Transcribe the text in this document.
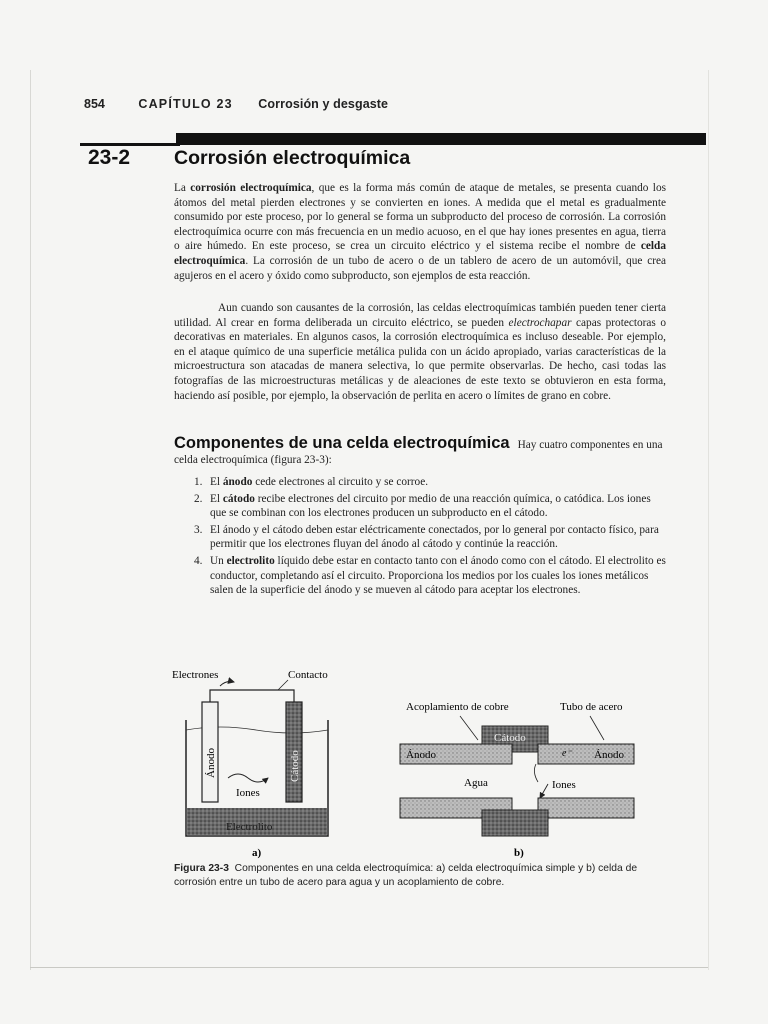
854	CAPÍTULO 23 Corrosión y desgaste
23-2 Corrosión electroquímica

La corrosión electroquímica, que es la forma más común de ataque de metales, se presenta cuando los átomos del metal pierden electrones y se convierten en iones. A medida que el metal es gradualmente consumido por este proceso, por lo general se forma un subproducto del proceso de corrosión. La corrosión electroquímica ocurre con más frecuencia en un medio acuoso, en el que hay iones presentes en agua, tierra o aire húmedo. En este proceso, se crea un circuito eléctrico y el sistema recibe el nombre de celda electroquímica. La corrosión de un tubo de acero o de un tablero de acero de un automóvil, que crea agujeros en el acero y óxido como subproducto, son ejemplos de esta reacción.

Aun cuando son causantes de la corrosión, las celdas electroquímicas también pueden tener cierta utilidad. Al crear en forma deliberada un circuito eléctrico, se pueden electrochapar capas protectoras o decorativas en materiales. En algunos casos, la corrosión electroquímica es incluso deseable. Por ejemplo, en el ataque químico de una superficie metálica pulida con un ácido apropiado, varias características de la microestructura son atacadas de manera selectiva, lo que permite observarlas. De hecho, casi todas las fotografías de las microestructuras metálicas y de aleaciones de este texto se obtuvieron en esta forma, haciendo así posible, por ejemplo, la observación de perlita en acero o límites de grano en cobre.

Componentes de una celda electroquímica Hay cuatro componentes en una celda electroquímica (figura 23-3):
1. El ánodo cede electrones al circuito y se corroe.
2. El cátodo recibe electrones del circuito por medio de una reacción química, o catódica. Los iones que se combinan con los electrones producen un subproducto en el cátodo.
3. El ánodo y el cátodo deben estar eléctricamente conectados, por lo general por contacto físico, para permitir que los electrones fluyan del ánodo al cátodo y continúe la reacción.
4. Un electrolito líquido debe estar en contacto tanto con el ánodo como con el cátodo. El electrolito es conductor, completando así el circuito. Proporciona los medios por los cuales los iones metálicos salen de la superficie del ánodo y se mueven al cátodo para aceptar los electrones.
Electrones	Contacto
Electrolito
Ánodo	Cátodo
Iones
a)
Acoplamiento de cobre	Tubo de acero
Cátodo
Ánodo	Ánodo
e⁻
Agua	Iones
b)
Figura 23-3 Componentes en una celda electroquímica: a) celda electroquímica simple y b) celda de corrosión entre un tubo de acero para agua y un acoplamiento de cobre.
